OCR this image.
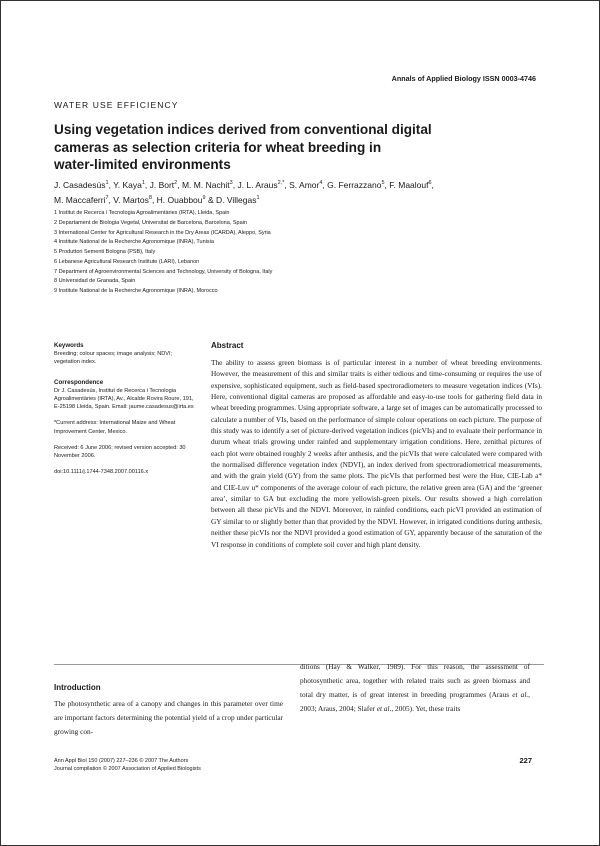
Annals of Applied Biology ISSN 0003-4746
WATER USE EFFICIENCY
Using vegetation indices derived from conventional digital
cameras as selection criteria for wheat breeding in
water-limited environments
J. Casadesús$^1$, Y. Kaya$^1$, J. Bort$^2$, M. M. Nachit$^3$, J. L. Araus$^{2,*}$, S. Amor$^4$, G. Ferrazzano$^5$, F. Maalouf$^6$,
M. Maccaferri$^7$, V. Martos$^8$, H. Ouabbou$^9$ & D. Villegas$^1$
1 Institut de Recerca i Tecnologia Agroalimentàries (IRTA), Lleida, Spain
2 Departament de Biologia Vegetal, Universitat de Barcelona, Barcelona, Spain
3 International Center for Agricultural Research in the Dry Areas (ICARDA), Aleppo, Syria
4 Institute National de la Recherche Agronomique (INRA), Tunisia
5 Produttori Sementi Bologna (PSB), Italy
6 Lebanese Agricultural Research Institute (LARI), Lebanon
7 Department of Agroenvironmental Sciences and Technology, University of Bologna, Italy
8 Universidad de Granada, Spain
9 Institute National de la Recherche Agronomique (INRA), Morocco
Keywords

Breeding; colour spaces; image analysis; NDVI; vegetation index.

Correspondence

Dr J. Casadesús, Institut de Recerca i Tecnologia Agroalimentàries (IRTA), Av., Alcalde Rovira Roure, 191, E-25198 Lleida, Spain. Email: jaume.casadesus@irta.es

*Current address: International Maize and Wheat Improvement Center, Mexico.

Received: 6 June 2006; revised version accepted: 30 November 2006.

doi:10.1111/j.1744-7348.2007.00116.x

Abstract

The ability to assess green biomass is of particular interest in a number of wheat breeding environments. However, the measurement of this and similar traits is either tedious and time-consuming or requires the use of expensive, sophisticated equipment, such as field-based spectroradiometers to measure vegetation indices (VIs). Here, conventional digital cameras are proposed as affordable and easy-to-use tools for gathering field data in wheat breeding programmes. Using appropriate software, a large set of images can be automatically processed to calculate a number of VIs, based on the performance of simple colour operations on each picture. The purpose of this study was to identify a set of picture-derived vegetation indices (picVIs) and to evaluate their performance in durum wheat trials growing under rainfed and supplementary irrigation conditions. Here, zenithal pictures of each plot were obtained roughly 2 weeks after anthesis, and the picVIs that were calculated were compared with the normalised difference vegetation index (NDVI), an index derived from spectroradiometrical measurements, and with the grain yield (GY) from the same plots. The picVIs that performed best were the Hue, CIE-Lab a* and CIE-Luv u* components of the average colour of each picture, the relative green area (GA) and the ‘greener area’, similar to GA but excluding the more yellowish-green pixels. Our results showed a high correlation between all these picVIs and the NDVI. Moreover, in rainfed conditions, each picVI provided an estimation of GY similar to or slightly better than that provided by the NDVI. However, in irrigated conditions during anthesis, neither these picVIs nor the NDVI provided a good estimation of GY, apparently because of the saturation of the VI response in conditions of complete soil cover and high plant density.

Introduction

The photosynthetic area of a canopy and changes in this parameter over time are important factors determining the potential yield of a crop under particular growing con-

ditions (Hay & Walker, 1989). For this reason, the assessment of photosynthetic area, together with related traits such as green biomass and total dry matter, is of great interest in breeding programmes (Araus et al., 2003; Araus, 2004; Slafer et al., 2005). Yet, these traits

Ann Appl Biol 150 (2007) 227–236 © 2007 The Authors
Journal compilation © 2007 Association of Applied Biologists
227
